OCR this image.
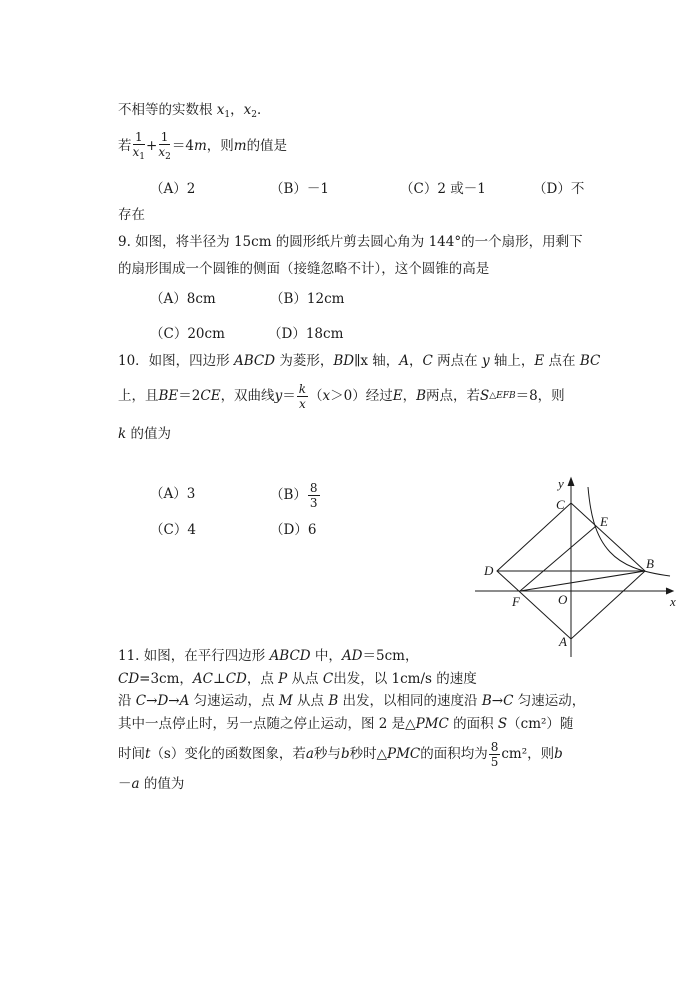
不相等的实数根 $x_1$，$x_2$．
若 $\frac{1}{x_1} + \frac{1}{x_2} =4$ m ，则 m 的值是
（A）2	（B）－1	（C）2 或－1	（D）不
存在
9. 如图，将半径为 15cm 的圆形纸片剪去圆心角为 144°的一个扇形，用剩下
的扇形围成一个圆锥的侧面（接缝忽略不计），这个圆锥的高是
（A）8cm	（B）12cm
（C）20cm	（D）18cm
10．如图，四边形 ABCD 为菱形，BD∥x 轴，A，C 两点在 y 轴上，E 点在 BC
上，且 BE ＝2 CE ，双曲线 $y = \frac{k}{x}$ （ x ＞0）经过 E ， B 两点，若 S △EFB ＝8，则
k 的值为
（A）3	$(B) \frac{8}{3}$
（C）4	（D）6
y
x
C
E
D	B
F	O
A
11. 如图，在平行四边形 ABCD 中，AD＝5cm，
CD=3cm，AC⊥CD，点 P 从点 C出发，以 1cm/s 的速度
沿 C→D→A 匀速运动，点 M 从点 B 出发，以相同的速度沿 B→C 匀速运动，
其中一点停止时，另一点随之停止运动，图 2 是△PMC 的面积 S（cm²）随
时间 t （s）变化的函数图象，若 a 秒与 b 秒时△ PMC 的面积均为 $\frac{8}{5} cm^2$，则 b
－a 的值为
